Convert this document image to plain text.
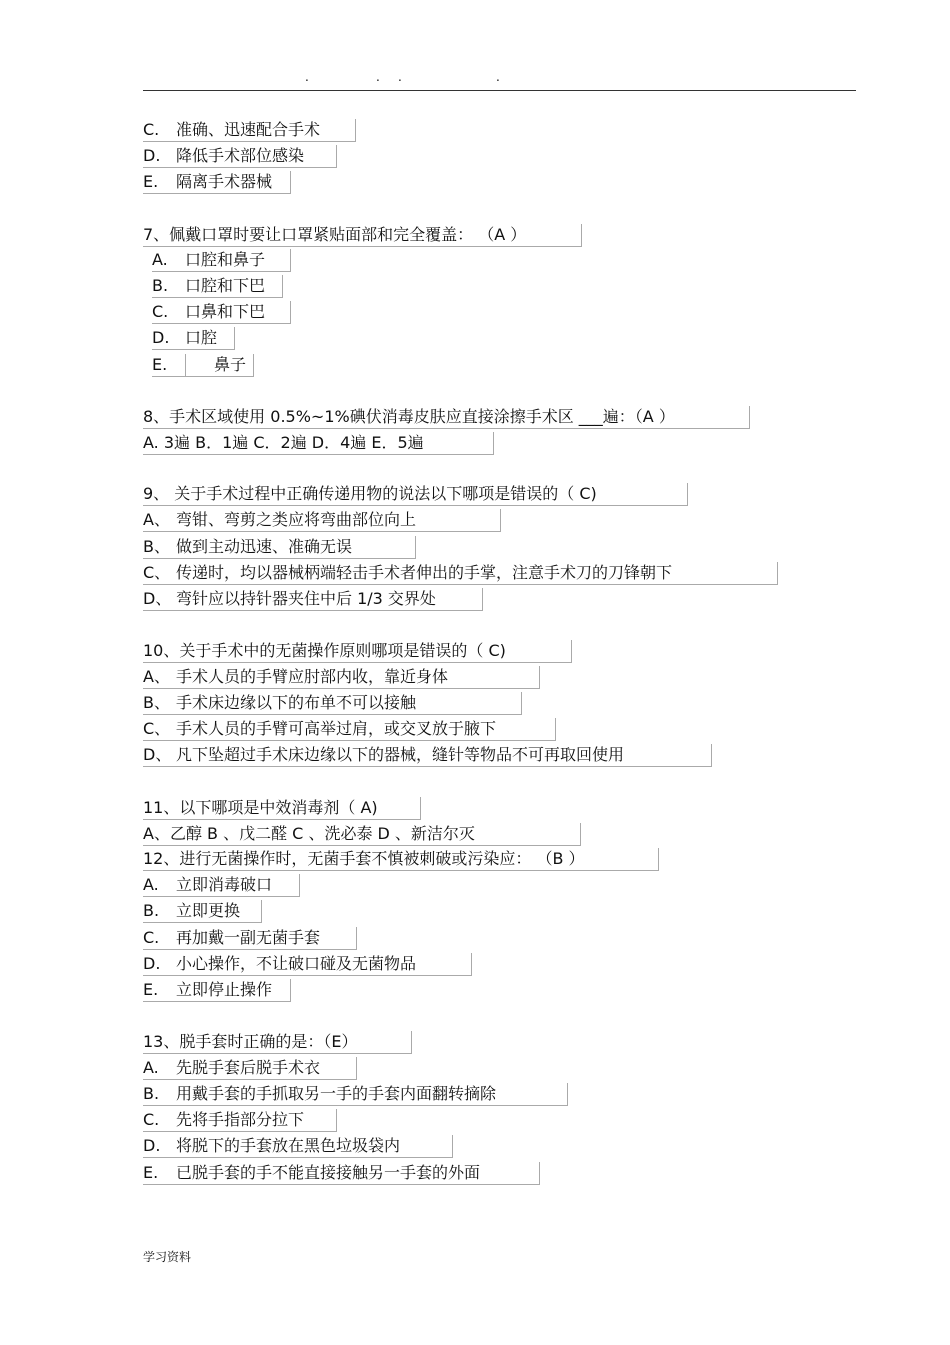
.	. .	.
C. 准确、迅速配合手术
D. 降低手术部位感染
E. 隔离手术器械
7、佩戴口罩时要让口罩紧贴面部和完全覆盖： （A ）
A. 口腔和鼻子
B. 口腔和下巴
C. 口鼻和下巴
D. 口腔
E.	鼻子
8、手术区域使用 0.5%~1%碘伏消毒皮肤应直接涂擦手术区 ___遍：（A ）
A. 3遍 B．1遍 C．2遍 D．4遍 E．5遍
9、 关于手术过程中正确传递用物的说法以下哪项是错误的（ C)
A、 弯钳、弯剪之类应将弯曲部位向上
B、 做到主动迅速、准确无误
C、 传递时，均以器械柄端轻击手术者伸出的手掌，注意手术刀的刀锋朝下
D、 弯针应以持针器夹住中后 1/3 交界处
10、关于手术中的无菌操作原则哪项是错误的（ C)
A、 手术人员的手臂应肘部内收，靠近身体
B、 手术床边缘以下的布单不可以接触
C、 手术人员的手臂可高举过肩，或交叉放于腋下
D、 凡下坠超过手术床边缘以下的器械，缝针等物品不可再取回使用
11、以下哪项是中效消毒剂（ A)
A、乙醇 B 、戊二醛 C 、洗必泰 D 、新洁尔灭
12、进行无菌操作时，无菌手套不慎被刺破或污染应： （B ）
A. 立即消毒破口
B. 立即更换
C. 再加戴一副无菌手套
D. 小心操作，不让破口碰及无菌物品
E. 立即停止操作
13、脱手套时正确的是：（E）
A. 先脱手套后脱手术衣
B. 用戴手套的手抓取另一手的手套内面翻转摘除
C. 先将手指部分拉下
D. 将脱下的手套放在黑色垃圾袋内
E. 已脱手套的手不能直接接触另一手套的外面
学习资料
